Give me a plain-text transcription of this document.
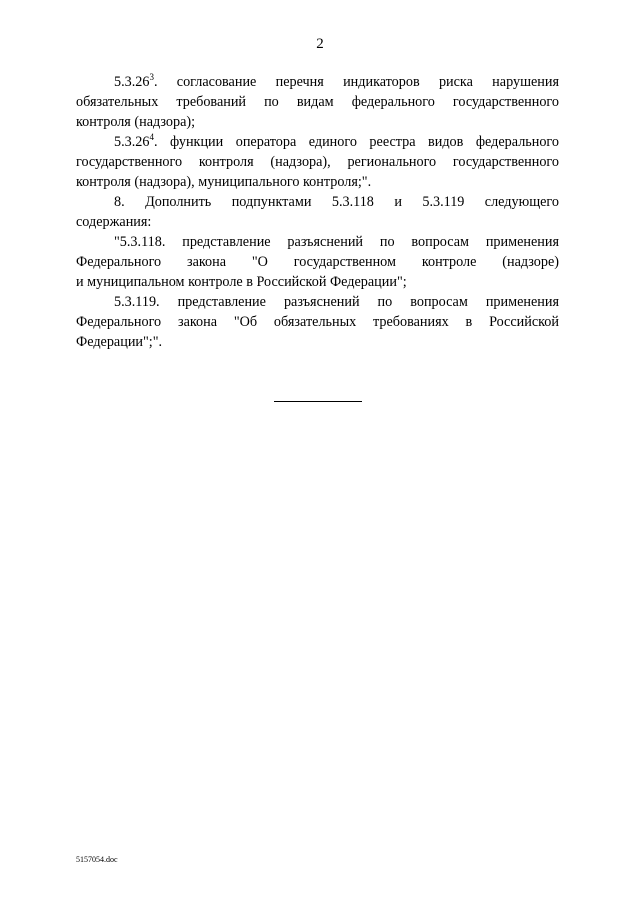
2
5.3.26$^3$. согласование перечня индикаторов риска нарушения
обязательных требований по видам федерального государственного
контроля (надзора);
5.3.26$^4$. функции оператора единого реестра видов федерального
государственного контроля (надзора), регионального государственного
контроля (надзора), муниципального контроля;".
8. Дополнить подпунктами 5.3.118 и 5.3.119 следующего
содержания:
"5.3.118. представление разъяснений по вопросам применения
Федерального закона "О государственном контроле (надзоре)
и муниципальном контроле в Российской Федерации";
5.3.119. представление разъяснений по вопросам применения
Федерального закона "Об обязательных требованиях в Российской
Федерации";".
5157054.doc
